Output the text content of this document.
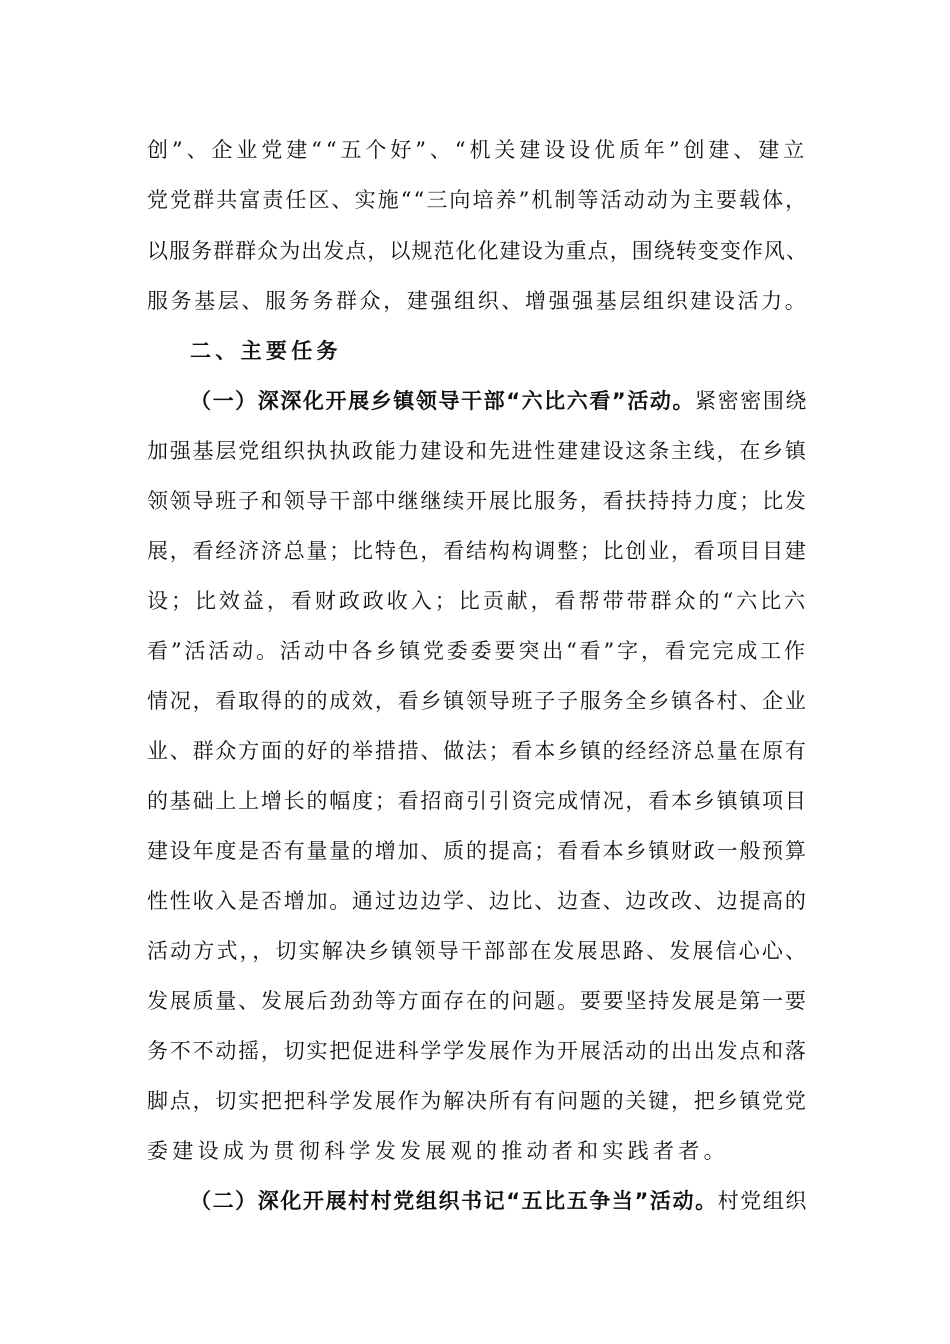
创”、企业党建““五个好”、“机关建设设优质年”创建、建立
党党群共富责任区、实施““三向培养”机制等活动动为主要载体，
以服务群群众为出发点，以规范化化建设为重点，围绕转变变作风、
服务基层、服务务群众，建强组织、增强强基层组织建设活力。
二、主要任务
（一）深深化开展乡镇领导干部“六比六看”活动。紧密密围绕
加强基层党组织执执政能力建设和先进性建建设这条主线，在乡镇
领领导班子和领导干部中继继续开展比服务，看扶持持力度；比发
展，看经济济总量；比特色，看结构构调整；比创业，看项目目建
设；比效益，看财政政收入；比贡献，看帮带带群众的“六比六
看”活活动。活动中各乡镇党委委要突出“看”字，看完完成工作
情况，看取得的的成效，看乡镇领导班子子服务全乡镇各村、企业
业、群众方面的好的举措措、做法；看本乡镇的经经济总量在原有
的基础上上增长的幅度；看招商引引资完成情况，看本乡镇镇项目
建设年度是否有量量的增加、质的提高；看看本乡镇财政一般预算
性性收入是否增加。通过边边学、边比、边查、边改改、边提高的
活动方式，，切实解决乡镇领导干部部在发展思路、发展信心心、
发展质量、发展后劲劲等方面存在的问题。要要坚持发展是第一要
务不不动摇，切实把促进科学学发展作为开展活动的出出发点和落
脚点，切实把把科学发展作为解决所有有问题的关键，把乡镇党党
委建设成为贯彻科学发发展观的推动者和实践者者。
（二）深化开展村村党组织书记“五比五争当”活动。村党组织
